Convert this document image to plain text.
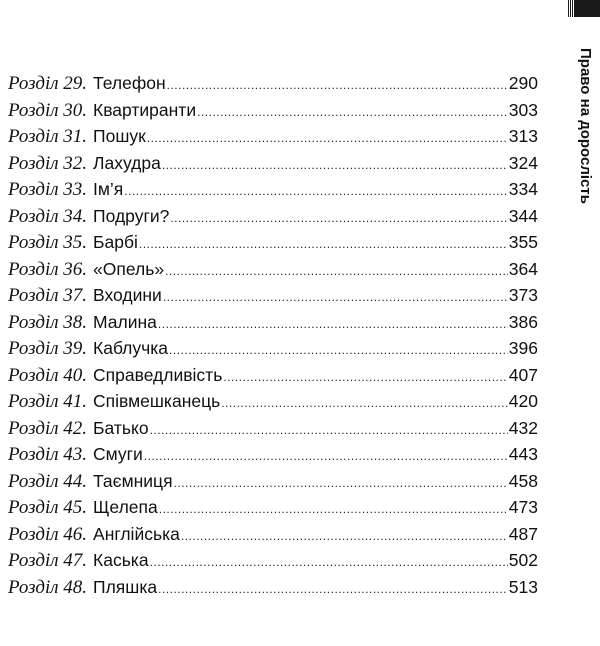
Право на дорослість
Розділ 29. Телефон .....	290
Розділ 30. Квартиранти .....	303
Розділ 31. Пошук .....	313
Розділ 32. Лахудра .....	324
Розділ 33. Ім’я .....	334
Розділ 34. Подруги? .....	344
Розділ 35. Барбі .....	355
Розділ 36. «Опель» .....	364
Розділ 37. Входини .....	373
Розділ 38. Малина .....	386
Розділ 39. Каблучка .....	396
Розділ 40. Справедливість .....	407
Розділ 41. Співмешканець .....	420
Розділ 42. Батько .....	432
Розділ 43. Смуги .....	443
Розділ 44. Таємниця .....	458
Розділ 45. Щелепа .....	473
Розділ 46. Англійська .....	487
Розділ 47. Каська .....	502
Розділ 48. Пляшка .....	513
